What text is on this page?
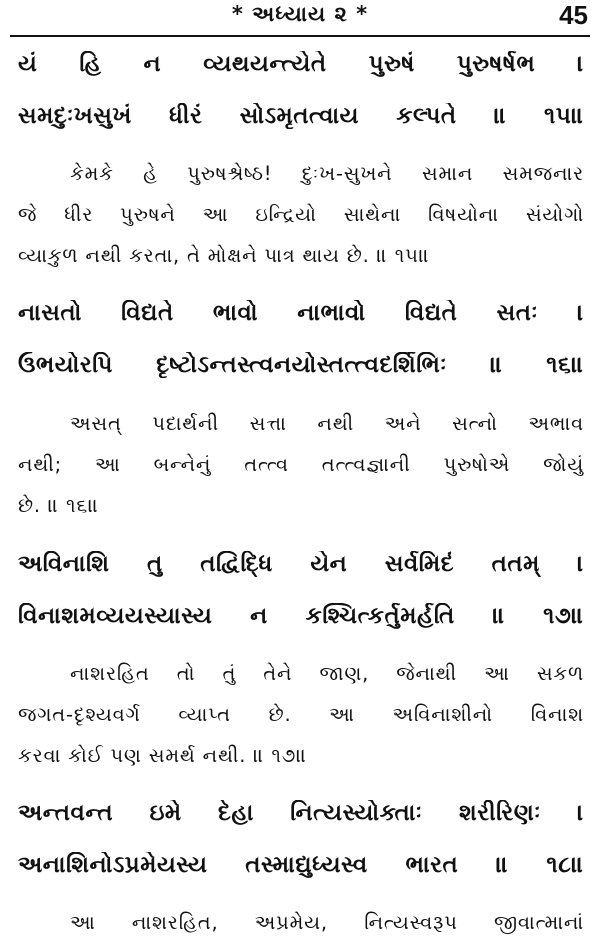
* અધ્યાય ૨ *	45
યં હિ ન વ્યથયન્ત્યેતે પુરુષં પુરુષર્ષભ ।
સમદુઃખસુખં ધીરં સોઽમૃતત્વાય કલ્પતે ॥ ૧૫॥
કેમકે હે પુરુષશ્રેષ્ઠ! દુઃખ-સુખને સમાન સમજનાર
જે ધીર પુરુષને આ ઇન્દ્રિયો સાથેના વિષયોના સંયોગો
વ્યાકુળ નથી કરતા, તે મોક્ષને પાત્ર થાય છે. ॥ ૧૫॥
નાસતો વિદ્યતે ભાવો નાભાવો વિદ્યતે સતઃ ।
ઉભયોરપિ દૃષ્ટોઽન્તસ્ત્વનયોસ્તત્ત્વદર્શિભિઃ ॥ ૧૬॥
અસત્ પદાર્થની સત્તા નથી અને સત્નો અભાવ
નથી; આ બન્નેનું તત્ત્વ તત્ત્વજ્ઞાની પુરુષોએ જોયું
છે. ॥ ૧૬॥
અવિનાશિ તુ તદ્વિદ્ધિ યેન સર્વમિદં તતમ્ ।
વિનાશમવ્યયસ્યાસ્ય ન કશ્ચિત્કર્તુમર્હતિ ॥ ૧૭॥
નાશરહિત તો તું તેને જાણ, જેનાથી આ સકળ
જગત-દૃશ્યવર્ગ વ્યાપ્ત છે. આ અવિનાશીનો વિનાશ
કરવા કોઈ પણ સમર્થ નથી. ॥ ૧૭॥
અન્તવન્ત ઇમે દેહા નિત્યસ્યોક્તાઃ શરીરિણઃ ।
અનાશિનોઽપ્રમેયસ્ય તસ્માદ્યુધ્યસ્વ ભારત ॥ ૧૮॥
આ નાશરહિત, અપ્રમેય, નિત્યસ્વરૂપ જીવાત્માનાં
